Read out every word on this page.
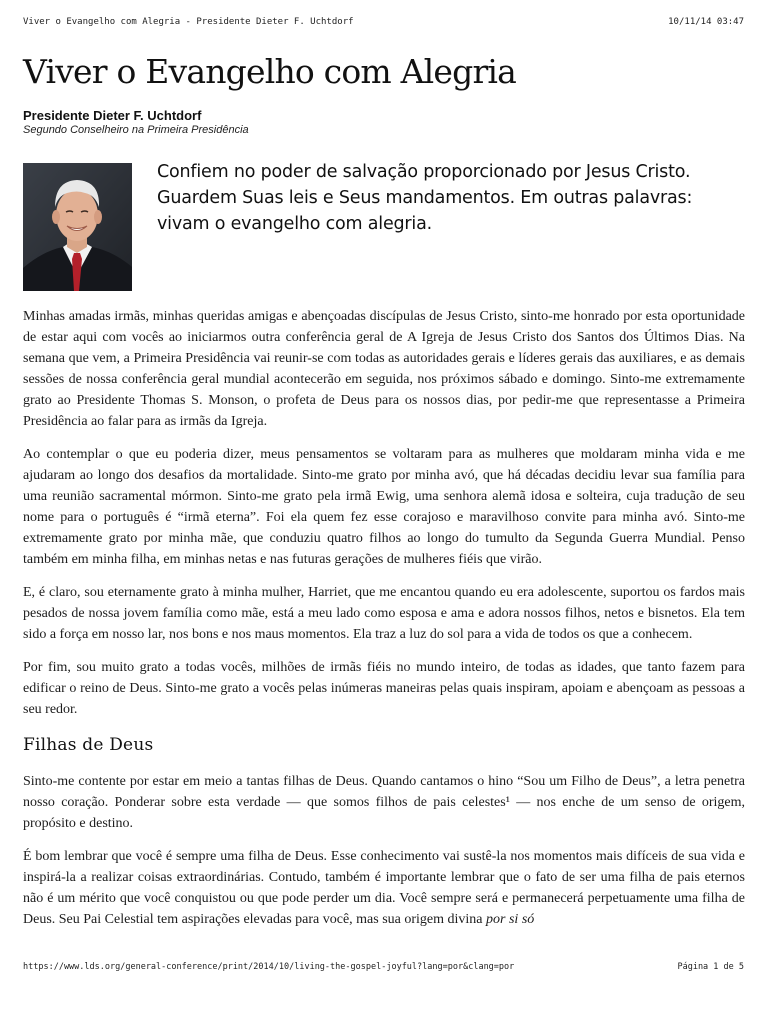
Viver o Evangelho com Alegria - Presidente Dieter F. Uchtdorf	10/11/14 03:47
Viver o Evangelho com Alegria
Presidente Dieter F. Uchtdorf
Segundo Conselheiro na Primeira Presidência

Confiem no poder de salvação proporcionado por Jesus Cristo. Guardem Suas leis e Seus mandamentos. Em outras palavras: vivam o evangelho com alegria.

Minhas amadas irmãs, minhas queridas amigas e abençoadas discípulas de Jesus Cristo, sinto-me honrado por esta oportunidade de estar aqui com vocês ao iniciarmos outra conferência geral de A Igreja de Jesus Cristo dos Santos dos Últimos Dias. Na semana que vem, a Primeira Presidência vai reunir-se com todas as autoridades gerais e líderes gerais das auxiliares, e as demais sessões de nossa conferência geral mundial acontecerão em seguida, nos próximos sábado e domingo. Sinto-me extremamente grato ao Presidente Thomas S. Monson, o profeta de Deus para os nossos dias, por pedir-me que representasse a Primeira Presidência ao falar para as irmãs da Igreja.

Ao contemplar o que eu poderia dizer, meus pensamentos se voltaram para as mulheres que moldaram minha vida e me ajudaram ao longo dos desafios da mortalidade. Sinto-me grato por minha avó, que há décadas decidiu levar sua família para uma reunião sacramental mórmon. Sinto-me grato pela irmã Ewig, uma senhora alemã idosa e solteira, cuja tradução de seu nome para o português é “irmã eterna”. Foi ela quem fez esse corajoso e maravilhoso convite para minha avó. Sinto-me extremamente grato por minha mãe, que conduziu quatro filhos ao longo do tumulto da Segunda Guerra Mundial. Penso também em minha filha, em minhas netas e nas futuras gerações de mulheres fiéis que virão.

E, é claro, sou eternamente grato à minha mulher, Harriet, que me encantou quando eu era adolescente, suportou os fardos mais pesados de nossa jovem família como mãe, está a meu lado como esposa e ama e adora nossos filhos, netos e bisnetos. Ela tem sido a força em nosso lar, nos bons e nos maus momentos. Ela traz a luz do sol para a vida de todos os que a conhecem.

Por fim, sou muito grato a todas vocês, milhões de irmãs fiéis no mundo inteiro, de todas as idades, que tanto fazem para edificar o reino de Deus. Sinto-me grato a vocês pelas inúmeras maneiras pelas quais inspiram, apoiam e abençoam as pessoas a seu redor.

Filhas de Deus

Sinto-me contente por estar em meio a tantas filhas de Deus. Quando cantamos o hino “Sou um Filho de Deus”, a letra penetra nosso coração. Ponderar sobre esta verdade — que somos filhos de pais celestes¹ — nos enche de um senso de origem, propósito e destino.

É bom lembrar que você é sempre uma filha de Deus. Esse conhecimento vai sustê-la nos momentos mais difíceis de sua vida e inspirá-la a realizar coisas extraordinárias. Contudo, também é importante lembrar que o fato de ser uma filha de pais eternos não é um mérito que você conquistou ou que pode perder um dia. Você sempre será e permanecerá perpetuamente uma filha de Deus. Seu Pai Celestial tem aspirações elevadas para você, mas sua origem divina por si só

https://www.lds.org/general-conference/print/2014/10/living-the-gospel-joyful?lang=por&clang=por	Página 1 de 5
